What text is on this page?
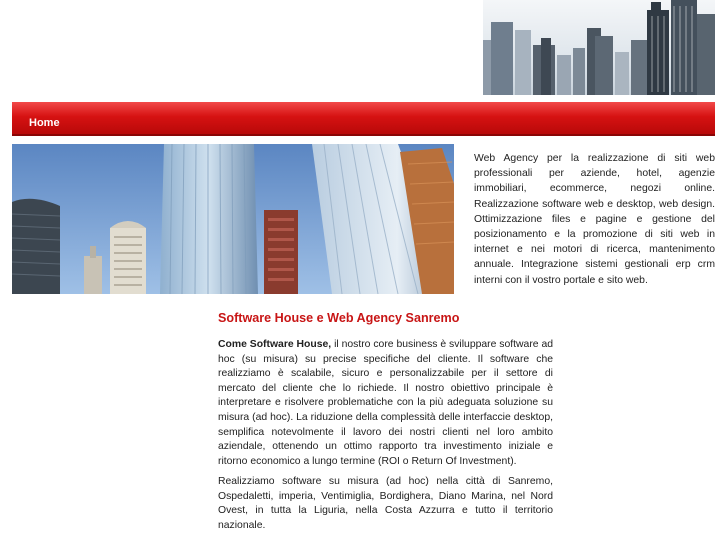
Home

Web Agency per la realizzazione di siti web professionali per aziende, hotel, agenzie immobiliari, ecommerce, negozi online. Realizzazione software web e desktop, web design. Ottimizzazione files e pagine e gestione del posizionamento e la promozione di siti web in internet e nei motori di ricerca, mantenimento annuale. Integrazione sistemi gestionali erp crm interni con il vostro portale e sito web.

Software House e Web Agency Sanremo

Come Software House, il nostro core business è sviluppare software ad hoc (su misura) su precise specifiche del cliente. Il software che realizziamo è scalabile, sicuro e personalizzabile per il settore di mercato del cliente che lo richiede. Il nostro obiettivo principale è interpretare e risolvere problematiche con la più adeguata soluzione su misura (ad hoc). La riduzione della complessità delle interfaccie desktop, semplifica notevolmente il lavoro dei nostri clienti nel loro ambito aziendale, ottenendo un ottimo rapporto tra investimento iniziale e ritorno economico a lungo termine (ROI o Return Of Investment).

Realizziamo software su misura (ad hoc) nella città di Sanremo, Ospedaletti, imperia, Ventimiglia, Bordighera, Diano Marina, nel Nord Ovest, in tutta la Liguria, nella Costa Azzurra e tutto il territorio nazionale.
